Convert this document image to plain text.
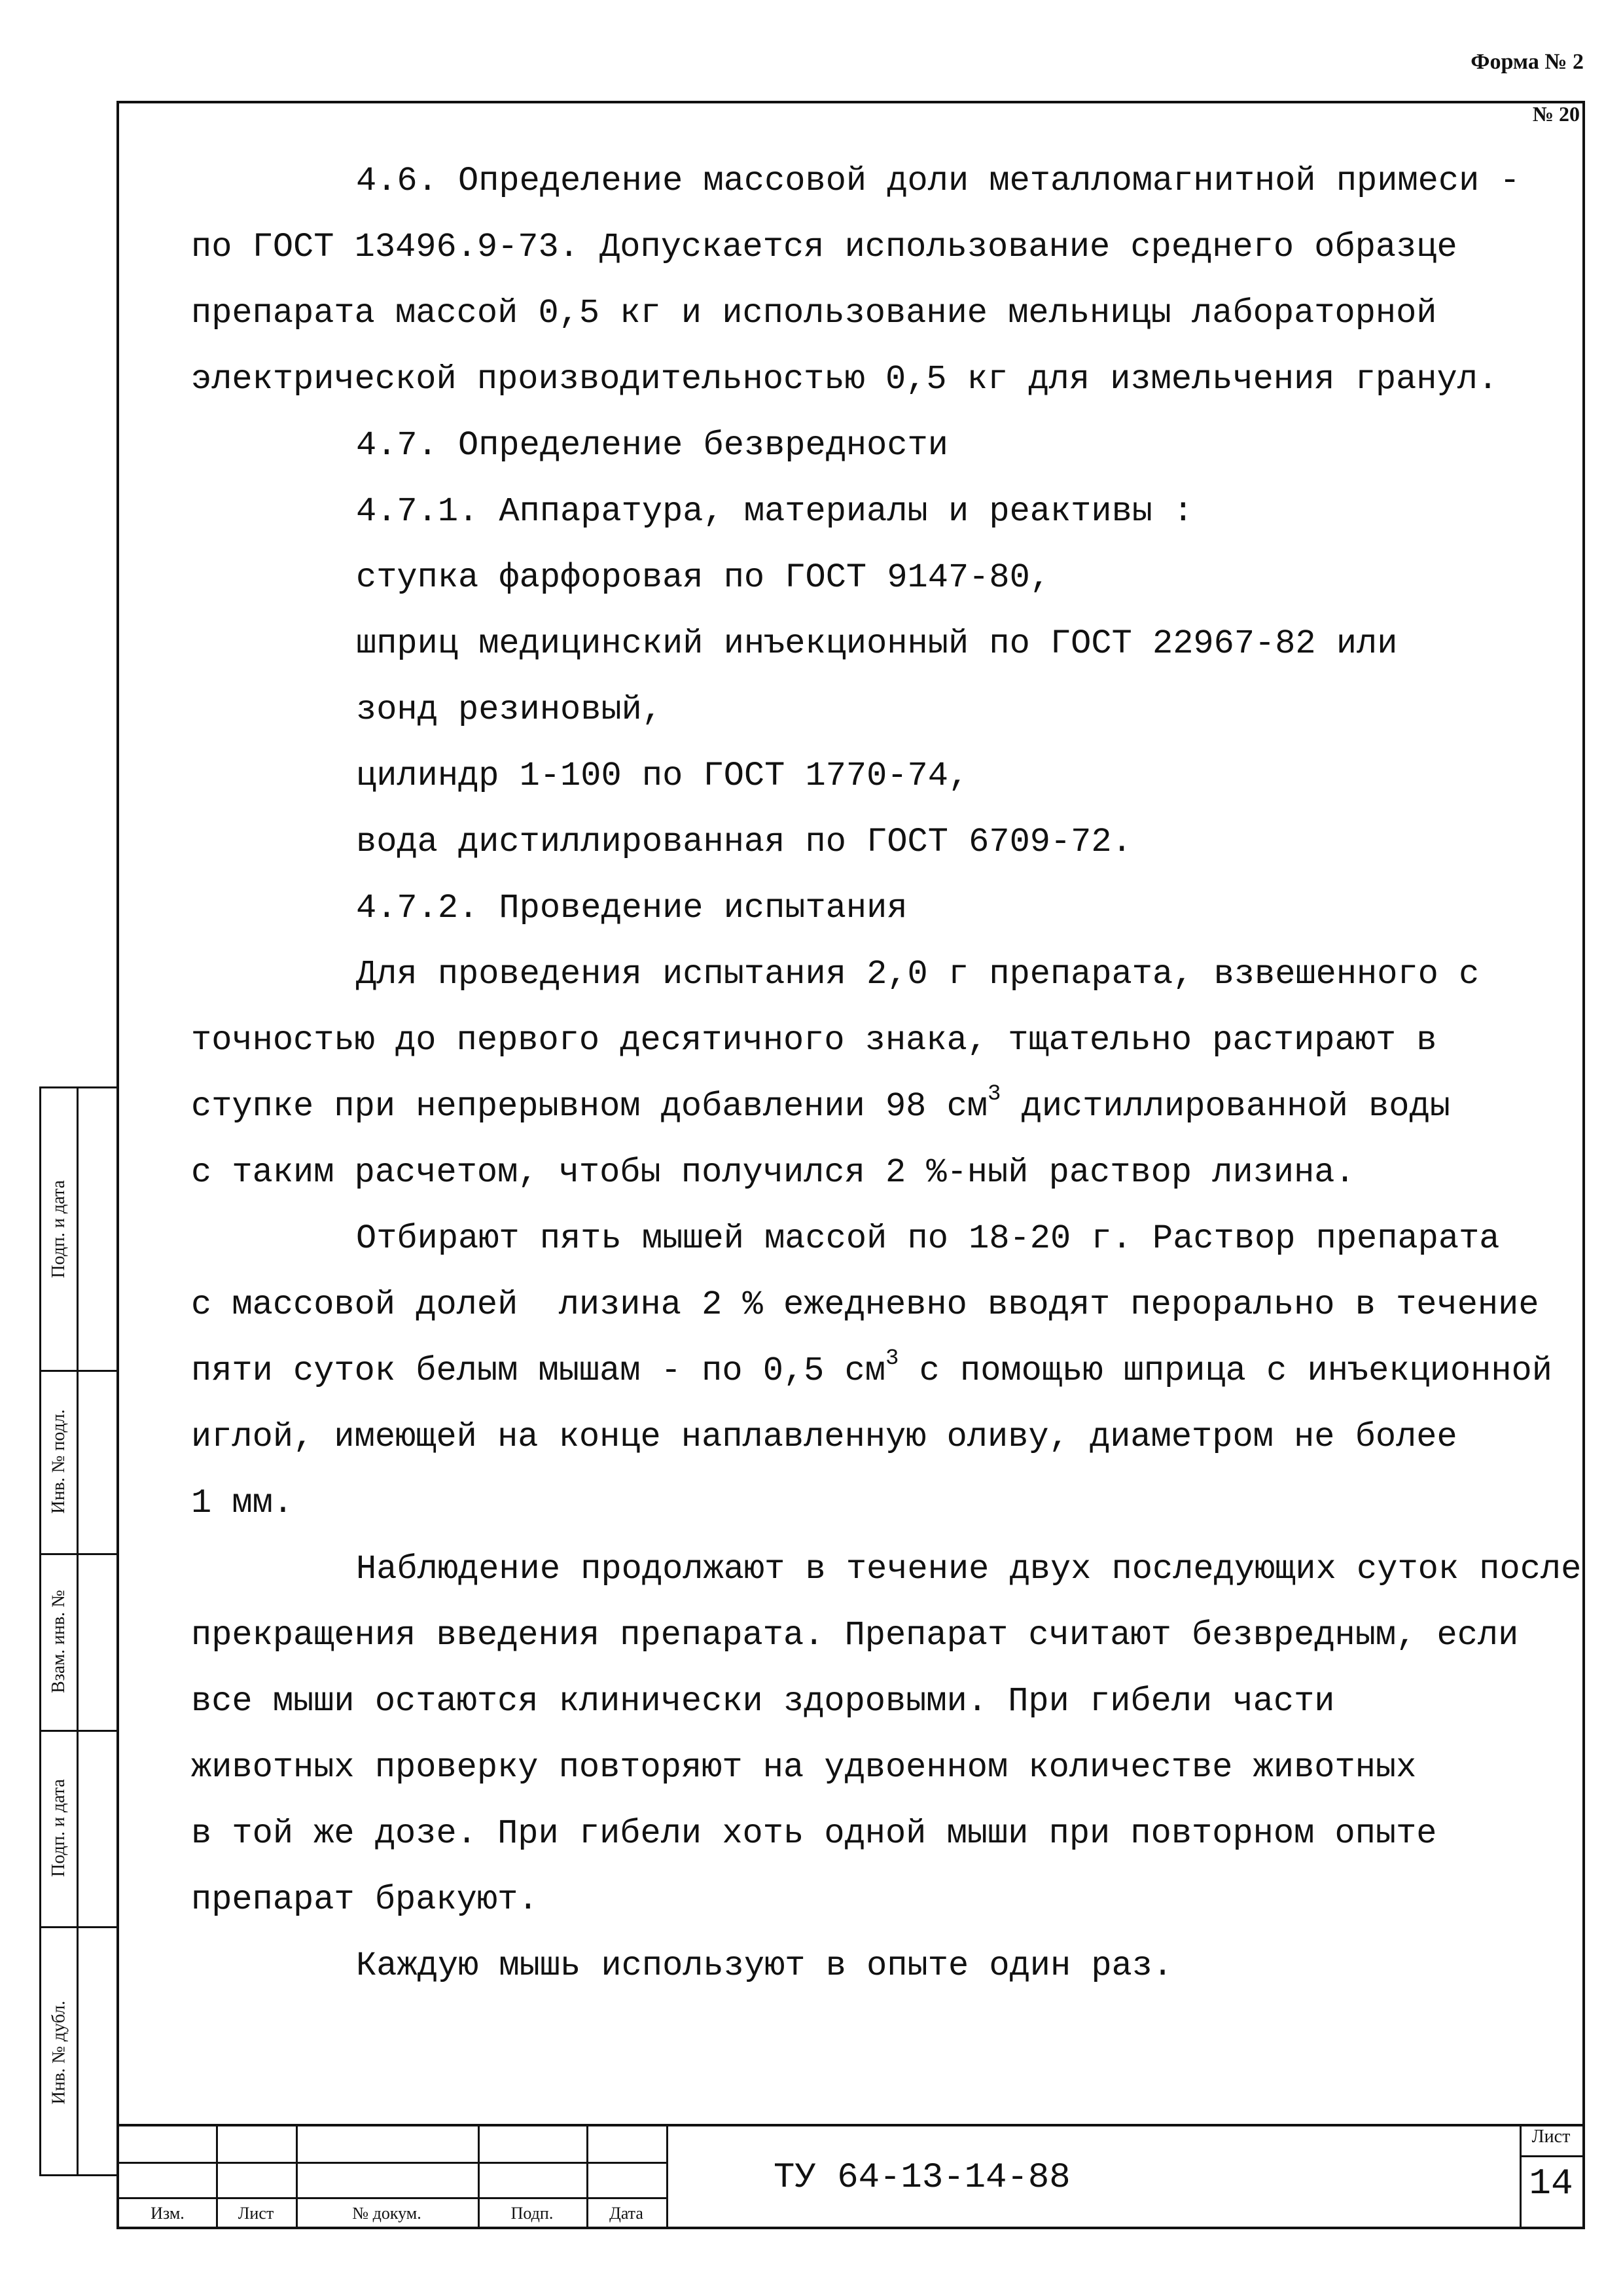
Форма № 2
№ 20
Подп. и дата
Инв. № подл.
Взам. инв. №
Подп. и дата
Инв. № дубл.
4.6. Определение массовой доли металломагнитной примеси -
по ГОСТ 13496.9-73. Допускается использование среднего образце
препарата массой 0,5 кг и использование мельницы лабораторной
электрической производительностью 0,5 кг для измельчения гранул.
4.7. Определение безвредности
4.7.1. Аппаратура, материалы и реактивы :
ступка фарфоровая по ГОСТ 9147-80,
шприц медицинский инъекционный по ГОСТ 22967-82 или
зонд резиновый,
цилиндр 1-100 по ГОСТ 1770-74,
вода дистиллированная по ГОСТ 6709-72.
4.7.2. Проведение испытания
Для проведения испытания 2,0 г препарата, взвешенного с
точностью до первого десятичного знака, тщательно растирают в
ступке при непрерывном добавлении 98 $см^3$ дистиллированной воды
с таким расчетом, чтобы получился 2 %-ный раствор лизина.
Отбирают пять мышей массой по 18-20 г. Раствор препарата
с массовой долей  лизина 2 % ежедневно вводят перорально в течение
пяти суток белым мышам - по 0,5 $см^3$ с помощью шприца с инъекционной
иглой, имеющей на конце наплавленную оливу, диаметром не более
1 мм.
Наблюдение продолжают в течение двух последующих суток после
прекращения введения препарата. Препарат считают безвредным, если
все мыши остаются клинически здоровыми. При гибели части
животных проверку повторяют на удвоенном количестве животных
в той же дозе. При гибели хоть одной мыши при повторном опыте
препарат бракуют.
Каждую мышь используют в опыте один раз.
Изм.	Лист	№ докум.	Подп.	Дата
ТУ 64-13-14-88
Лист
14
